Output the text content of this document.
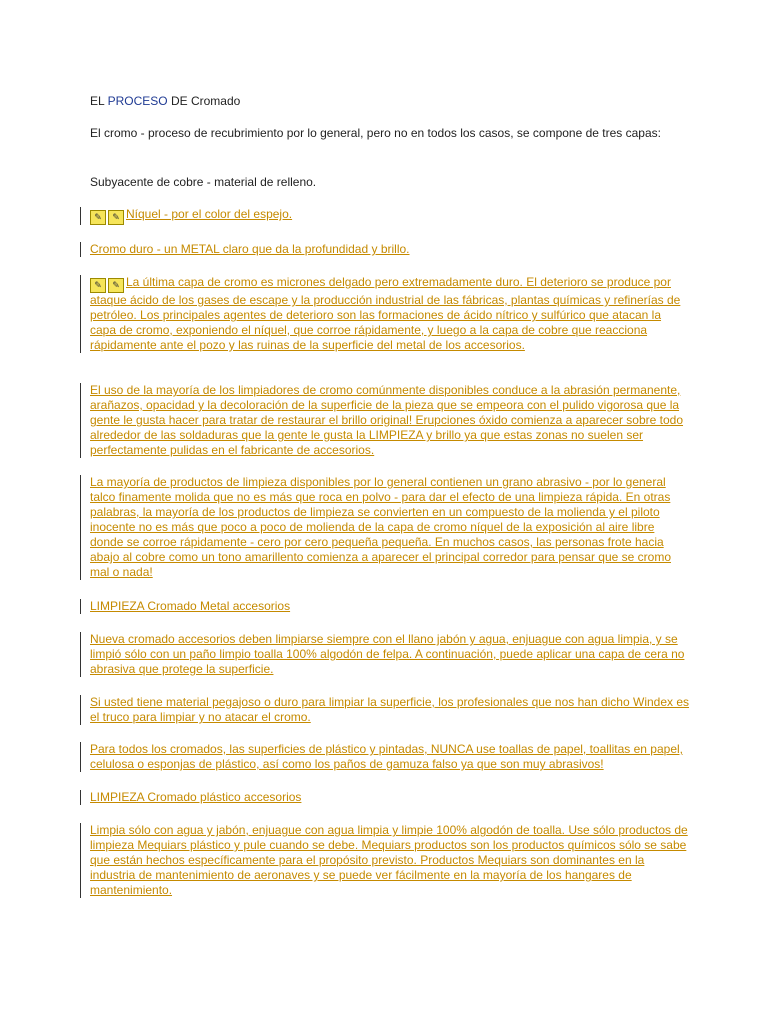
EL PROCESO DE Cromado
El cromo - proceso de recubrimiento por lo general, pero no en todos los casos, se compone de tres capas:
Subyacente de cobre - material de relleno.
✎ ✎ Níquel - por el color del espejo.
Cromo duro - un METAL claro que da la profundidad y brillo.
✎ ✎ La última capa de cromo es micrones delgado pero extremadamente duro. El deterioro se produce por ataque ácido de los gases de escape y la producción industrial de las fábricas, plantas químicas y refinerías de petróleo. Los principales agentes de deterioro son las formaciones de ácido nítrico y sulfúrico que atacan la capa de cromo, exponiendo el níquel, que corroe rápidamente, y luego a la capa de cobre que reacciona rápidamente ante el pozo y las ruinas de la superficie del metal de los accesorios.
El uso de la mayoría de los limpiadores de cromo comúnmente disponibles conduce a la abrasión permanente, arañazos, opacidad y la decoloración de la superficie de la pieza que se empeora con el pulido vigorosa que la gente le gusta hacer para tratar de restaurar el brillo original! Erupciones óxido comienza a aparecer sobre todo alrededor de las soldaduras que la gente le gusta la LIMPIEZA y brillo ya que estas zonas no suelen ser perfectamente pulidas en el fabricante de accesorios.
La mayoría de productos de limpieza disponibles por lo general contienen un grano abrasivo - por lo general talco finamente molida que no es más que roca en polvo - para dar el efecto de una limpieza rápida. En otras palabras, la mayoría de los productos de limpieza se convierten en un compuesto de la molienda y el piloto inocente no es más que poco a poco de molienda de la capa de cromo níquel de la exposición al aire libre donde se corroe rápidamente - cero por cero pequeña pequeña. En muchos casos, las personas frote hacia abajo al cobre como un tono amarillento comienza a aparecer el principal corredor para pensar que se cromo mal o nada!
LIMPIEZA Cromado Metal accesorios
Nueva cromado accesorios deben limpiarse siempre con el llano jabón y agua, enjuague con agua limpia, y se limpió sólo con un paño limpio toalla 100% algodón de felpa. A continuación, puede aplicar una capa de cera no abrasiva que protege la superficie.
Si usted tiene material pegajoso o duro para limpiar la superficie, los profesionales que nos han dicho Windex es el truco para limpiar y no atacar el cromo.
Para todos los cromados, las superficies de plástico y pintadas, NUNCA use toallas de papel, toallitas en papel, celulosa o esponjas de plástico, así como los paños de gamuza falso ya que son muy abrasivos!
LIMPIEZA Cromado plástico accesorios
Limpia sólo con agua y jabón, enjuague con agua limpia y limpie 100% algodón de toalla. Use sólo productos de limpieza Mequiars plástico y pule cuando se debe. Mequiars productos son los productos químicos sólo se sabe que están hechos específicamente para el propósito previsto. Productos Mequiars son dominantes en la industria de mantenimiento de aeronaves y se puede ver fácilmente en la mayoría de los hangares de mantenimiento.
